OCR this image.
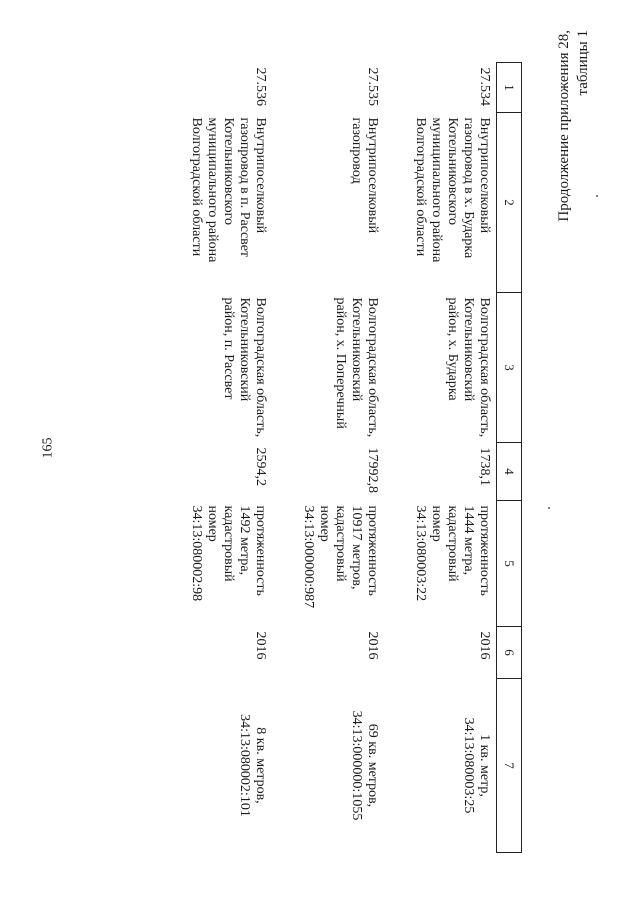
165
Продолжение приложения 28, таблицы 1
1	2	3	4	5	6	7
27.534	Внутрипоселковый
газопровод в х. Бударка
Котельниковского
муниципального района
Волгоградской области	Волгоградская область,
Котельниковский
район, х. Бударка	1738,1	протяженность
1444 метра,
кадастровый
номер
34:13:080003:22	2016	1 кв. метр,
34:13:080003:25

27.535	Внутрипоселковый
газопровод	Волгоградская область,
Котельниковский
район, х. Поперечный	17992,8	протяженность
10917 метров,
кадастровый
номер
34:13:000000:987	2016	69 кв. метров,
34:13:000000:1055

27.536	Внутрипоселковый
газопровод в п. Рассвет
Котельниковского
муниципального района
Волгоградской области	Волгоградская область,
Котельниковский
район, п. Рассвет	2594,2	протяженность
1492 метра,
кадастровый
номер
34:13:080002:98	2016	8 кв. метров,
34:13:080002:101
